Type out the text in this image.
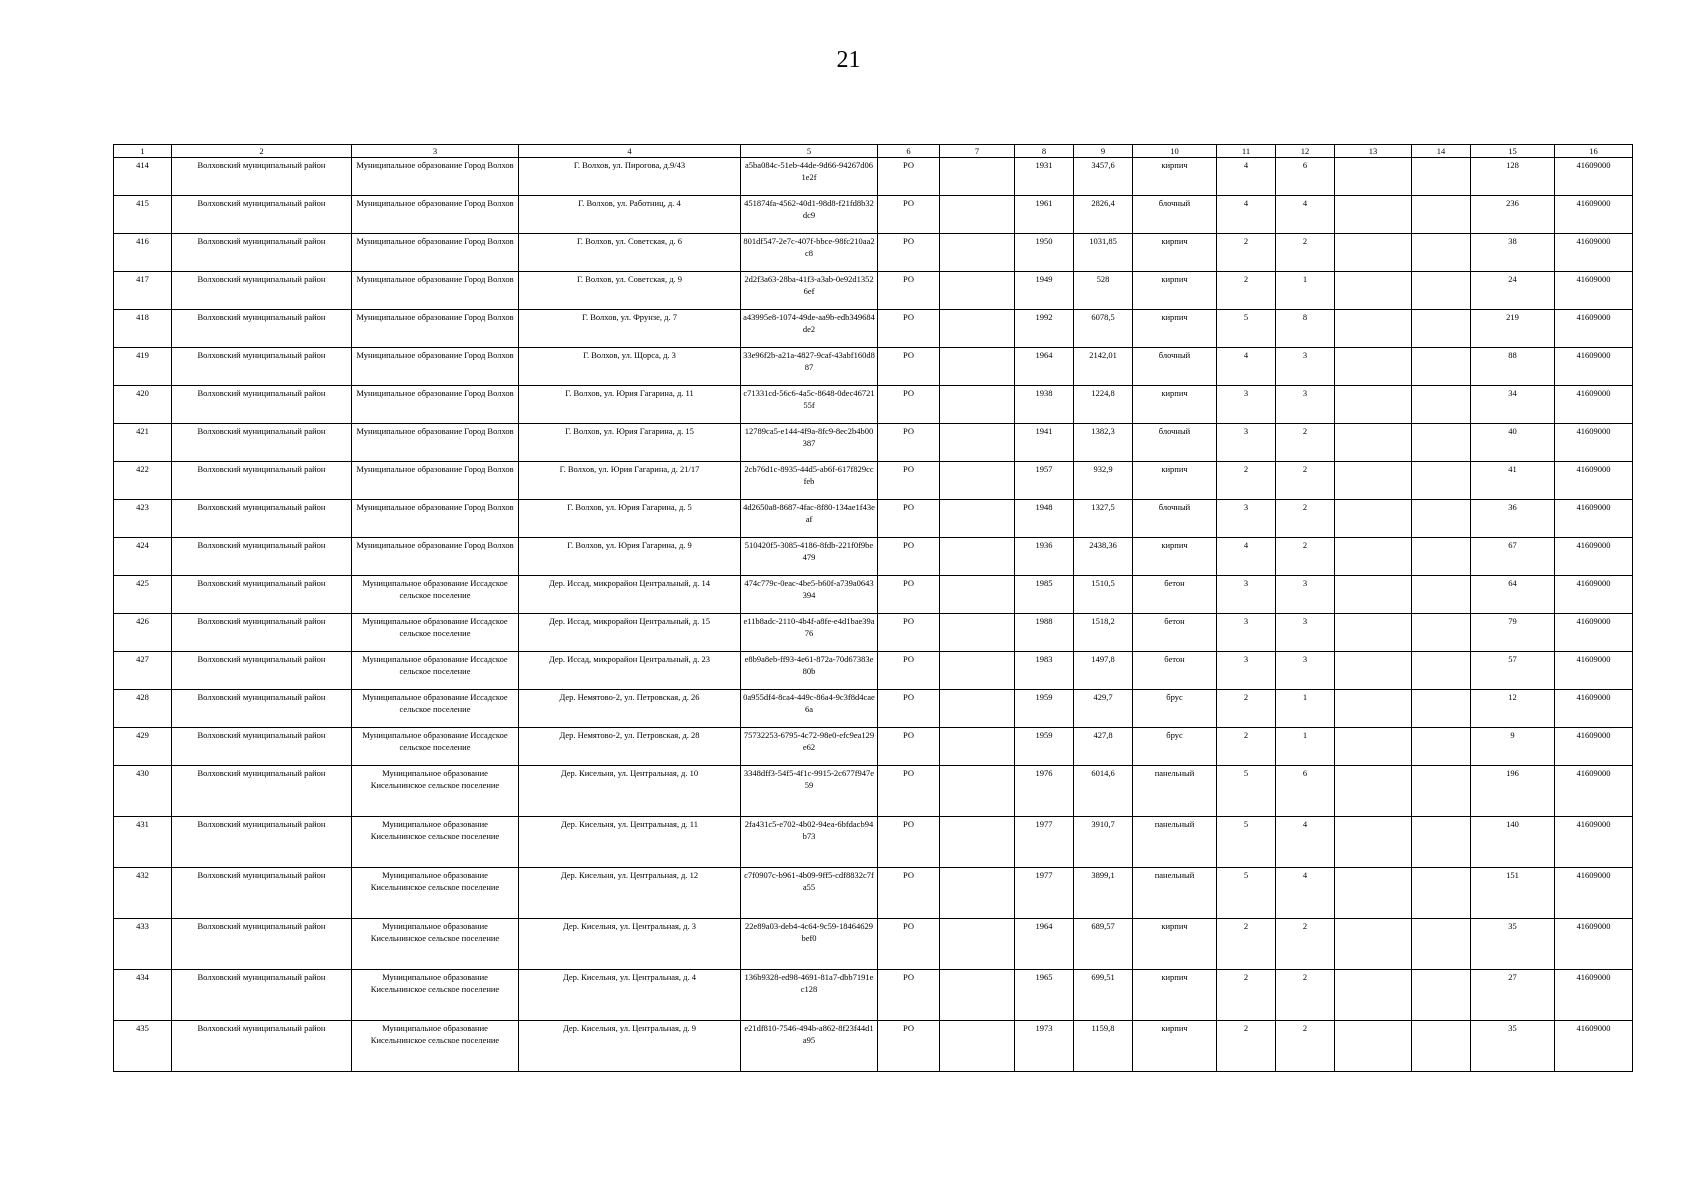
21
1	2	3	4	5	6	7	8	9	10	11	12	13	14	15	16
414	Волховский муниципальный район	Муниципальное образование Город Волхов	Г. Волхов, ул. Пирогова, д.9/43	a5ba084c-51eb-44de-9d66-94267d061e2f	РО		1931	3457,6	кирпич	4	6			128	41609000
415	Волховский муниципальный район	Муниципальное образование Город Волхов	Г. Волхов, ул. Работниц, д. 4	451874fa-4562-40d1-98d8-f21fd8b32dc9	РО		1961	2826,4	блочный	4	4			236	41609000
416	Волховский муниципальный район	Муниципальное образование Город Волхов	Г. Волхов, ул. Советская, д. 6	801df547-2e7c-407f-bbce-98fc210aa2c8	РО		1950	1031,85	кирпич	2	2			38	41609000
417	Волховский муниципальный район	Муниципальное образование Город Волхов	Г. Волхов, ул. Советская, д. 9	2d2f3a63-28ba-41f3-a3ab-0e92d13526ef	РО		1949	528	кирпич	2	1			24	41609000
418	Волховский муниципальный район	Муниципальное образование Город Волхов	Г. Волхов, ул. Фрунзе, д. 7	a43995e8-1074-49de-aa9b-edb349684de2	РО		1992	6078,5	кирпич	5	8			219	41609000
419	Волховский муниципальный район	Муниципальное образование Город Волхов	Г. Волхов, ул. Щорса, д. 3	33e96f2b-a21a-4827-9caf-43abf160d887	РО		1964	2142,01	блочный	4	3			88	41609000
420	Волховский муниципальный район	Муниципальное образование Город Волхов	Г. Волхов, ул. Юрия Гагарина, д. 11	c71331cd-56c6-4a5c-8648-0dec4672155f	РО		1938	1224,8	кирпич	3	3			34	41609000
421	Волховский муниципальный район	Муниципальное образование Город Волхов	Г. Волхов, ул. Юрия Гагарина, д. 15	12789ca5-e144-4f9a-8fc9-8ec2b4b00387	РО		1941	1382,3	блочный	3	2			40	41609000
422	Волховский муниципальный район	Муниципальное образование Город Волхов	Г. Волхов, ул. Юрия Гагарина, д. 21/17	2cb76d1c-8935-44d5-ab6f-617f829ccfeb	РО		1957	932,9	кирпич	2	2			41	41609000
423	Волховский муниципальный район	Муниципальное образование Город Волхов	Г. Волхов, ул. Юрия Гагарина, д. 5	4d2650a8-8687-4fac-8f80-134ae1f43eaf	РО		1948	1327,5	блочный	3	2			36	41609000
424	Волховский муниципальный район	Муниципальное образование Город Волхов	Г. Волхов, ул. Юрия Гагарина, д. 9	510420f5-3085-4186-8fdb-221f0f9be479	РО		1936	2438,36	кирпич	4	2			67	41609000
425	Волховский муниципальный район	Муниципальное образование Иссадское сельское поселение	Дер. Иссад, микрорайон Центральный, д. 14	474c779c-0eac-4be5-b60f-a739a0643394	РО		1985	1510,5	бетон	3	3			64	41609000
426	Волховский муниципальный район	Муниципальное образование Иссадское сельское поселение	Дер. Иссад, микрорайон Центральный, д. 15	e11b8adc-2110-4b4f-a8fe-e4d1bae39a76	РО		1988	1518,2	бетон	3	3			79	41609000
427	Волховский муниципальный район	Муниципальное образование Иссадское сельское поселение	Дер. Иссад, микрорайон Центральный, д. 23	e8b9a8eb-ff93-4e61-872a-70d67383e80b	РО		1983	1497,8	бетон	3	3			57	41609000
428	Волховский муниципальный район	Муниципальное образование Иссадское сельское поселение	Дер. Немятово-2, ул. Петровская, д. 26	0a955df4-8ca4-449c-86a4-9c3f8d4cae6a	РО		1959	429,7	брус	2	1			12	41609000
429	Волховский муниципальный район	Муниципальное образование Иссадское сельское поселение	Дер. Немятово-2, ул. Петровская, д. 28	75732253-6795-4c72-98e0-efc9ea129e62	РО		1959	427,8	брус	2	1			9	41609000
430	Волховский муниципальный район	Муниципальное образование Кисельнинское сельское поселение	Дер. Кисельня, ул. Центральная, д. 10	3348dff3-54f5-4f1c-9915-2c677f947e59	РО		1976	6014,6	панельный	5	6			196	41609000
431	Волховский муниципальный район	Муниципальное образование Кисельнинское сельское поселение	Дер. Кисельня, ул. Центральная, д. 11	2fa431c5-e702-4b02-94ea-6bfdacb94b73	РО		1977	3910,7	панельный	5	4			140	41609000
432	Волховский муниципальный район	Муниципальное образование Кисельнинское сельское поселение	Дер. Кисельня, ул. Центральная, д. 12	c7f0907c-b961-4b09-9ff5-cdf8832c7fa55	РО		1977	3899,1	панельный	5	4			151	41609000
433	Волховский муниципальный район	Муниципальное образование Кисельнинское сельское поселение	Дер. Кисельня, ул. Центральная, д. 3	22e89a03-deb4-4c64-9c59-18464629bef0	РО		1964	689,57	кирпич	2	2			35	41609000
434	Волховский муниципальный район	Муниципальное образование Кисельнинское сельское поселение	Дер. Кисельня, ул. Центральная, д. 4	136b9328-ed98-4691-81a7-dbb7191ec128	РО		1965	699,51	кирпич	2	2			27	41609000
435	Волховский муниципальный район	Муниципальное образование Кисельнинское сельское поселение	Дер. Кисельня, ул. Центральная, д. 9	e21df810-7546-494b-a862-8f23f44d1a95	РО		1973	1159,8	кирпич	2	2			35	41609000
